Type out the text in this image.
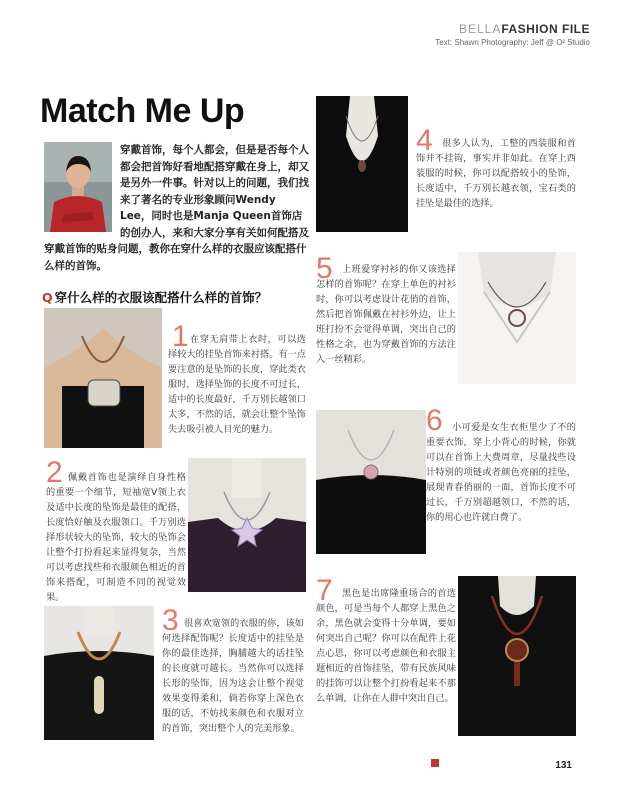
BELLAFASHION FILE
Text: Shawn Photography: Jeff @ O² Studio
Match Me Up
穿戴首饰，每个人都会，但是是否每个人都会把首饰好看地配搭穿戴在身上，却又是另外一件事。针对以上的问题，我们找来了著名的专业形象顾问Wendy Lee，同时也是Manja Queen首饰店的创办人，来和大家分享有关如何配搭及穿戴首饰的贴身问题，教你在穿什么样的衣服应该配搭什么样的首饰。
Q 穿什么样的衣服该配搭什么样的首饰？
1 在穿无肩带上衣时，可以选择较大的挂坠首饰来衬搭。有一点要注意的是坠饰的长度，穿此类衣服时，选择坠饰的长度不可过长，适中的长度最好，千万别长越领口太多，不然的话，就会让整个坠饰失去吸引被人目光的魅力。
2 佩戴首饰也是演绎自身性格的重要一个细节，短袖宽V领上衣及适中长度的坠饰是最佳的配搭，长度恰好触及衣服领口。千万别选择形状较大的坠饰，较大的坠饰会让整个打扮看起来显得复杂，当然可以考虑找些和衣服颜色相近的首饰来搭配，可制造不同的视觉效果。
3 很喜欢宽领的衣服的你，该如何选择配饰呢？长度适中的挂坠是你的最佳选择，胸脯越大的话挂坠的长度就可越长。当然你可以选择长形的坠饰，因为这会让整个视觉效果变得柔和，倘若你穿上深色衣服的话，不妨找来颜色和衣服对立的首饰，突出整个人的完美形象。
4	很多人认为，工整的西装服和首饰并不挂钩，事实并非如此。在穿上西装服的时候，你可以配搭较小的坠饰，长度适中，千万别长越衣领，宝石类的挂坠是最佳的选择。
5	上班爱穿衬衫的你又该选择怎样的首饰呢？在穿上单色的衬衫时，你可以考虑设计花俏的首饰，然后把首饰佩戴在衬衫外边，让上班打扮不会觉得单调，突出自己的性格之余，也为穿戴首饰的方法注入一丝精彩。
6	小可爱是女生衣柜里少了不的重要衣饰，穿上小背心的时候，你就可以在首饰上大费周章，尽量找些设计特别的项链或者颜色亮丽的挂坠，展现青春俏丽的一面，首饰长度不可过长，千万别超越领口，不然的话，你的用心也许就白费了。
7	黑色是出席隆重场合的首选颜色，可是当每个人都穿上黑色之余，黑色就会变得十分单调，要如何突出自己呢？你可以在配件上花点心思，你可以考虑颜色和衣服主题相近的首饰挂坠，带有民族风味的挂饰可以让整个打扮看起来不那么单调，让你在人群中突出自己。
131
